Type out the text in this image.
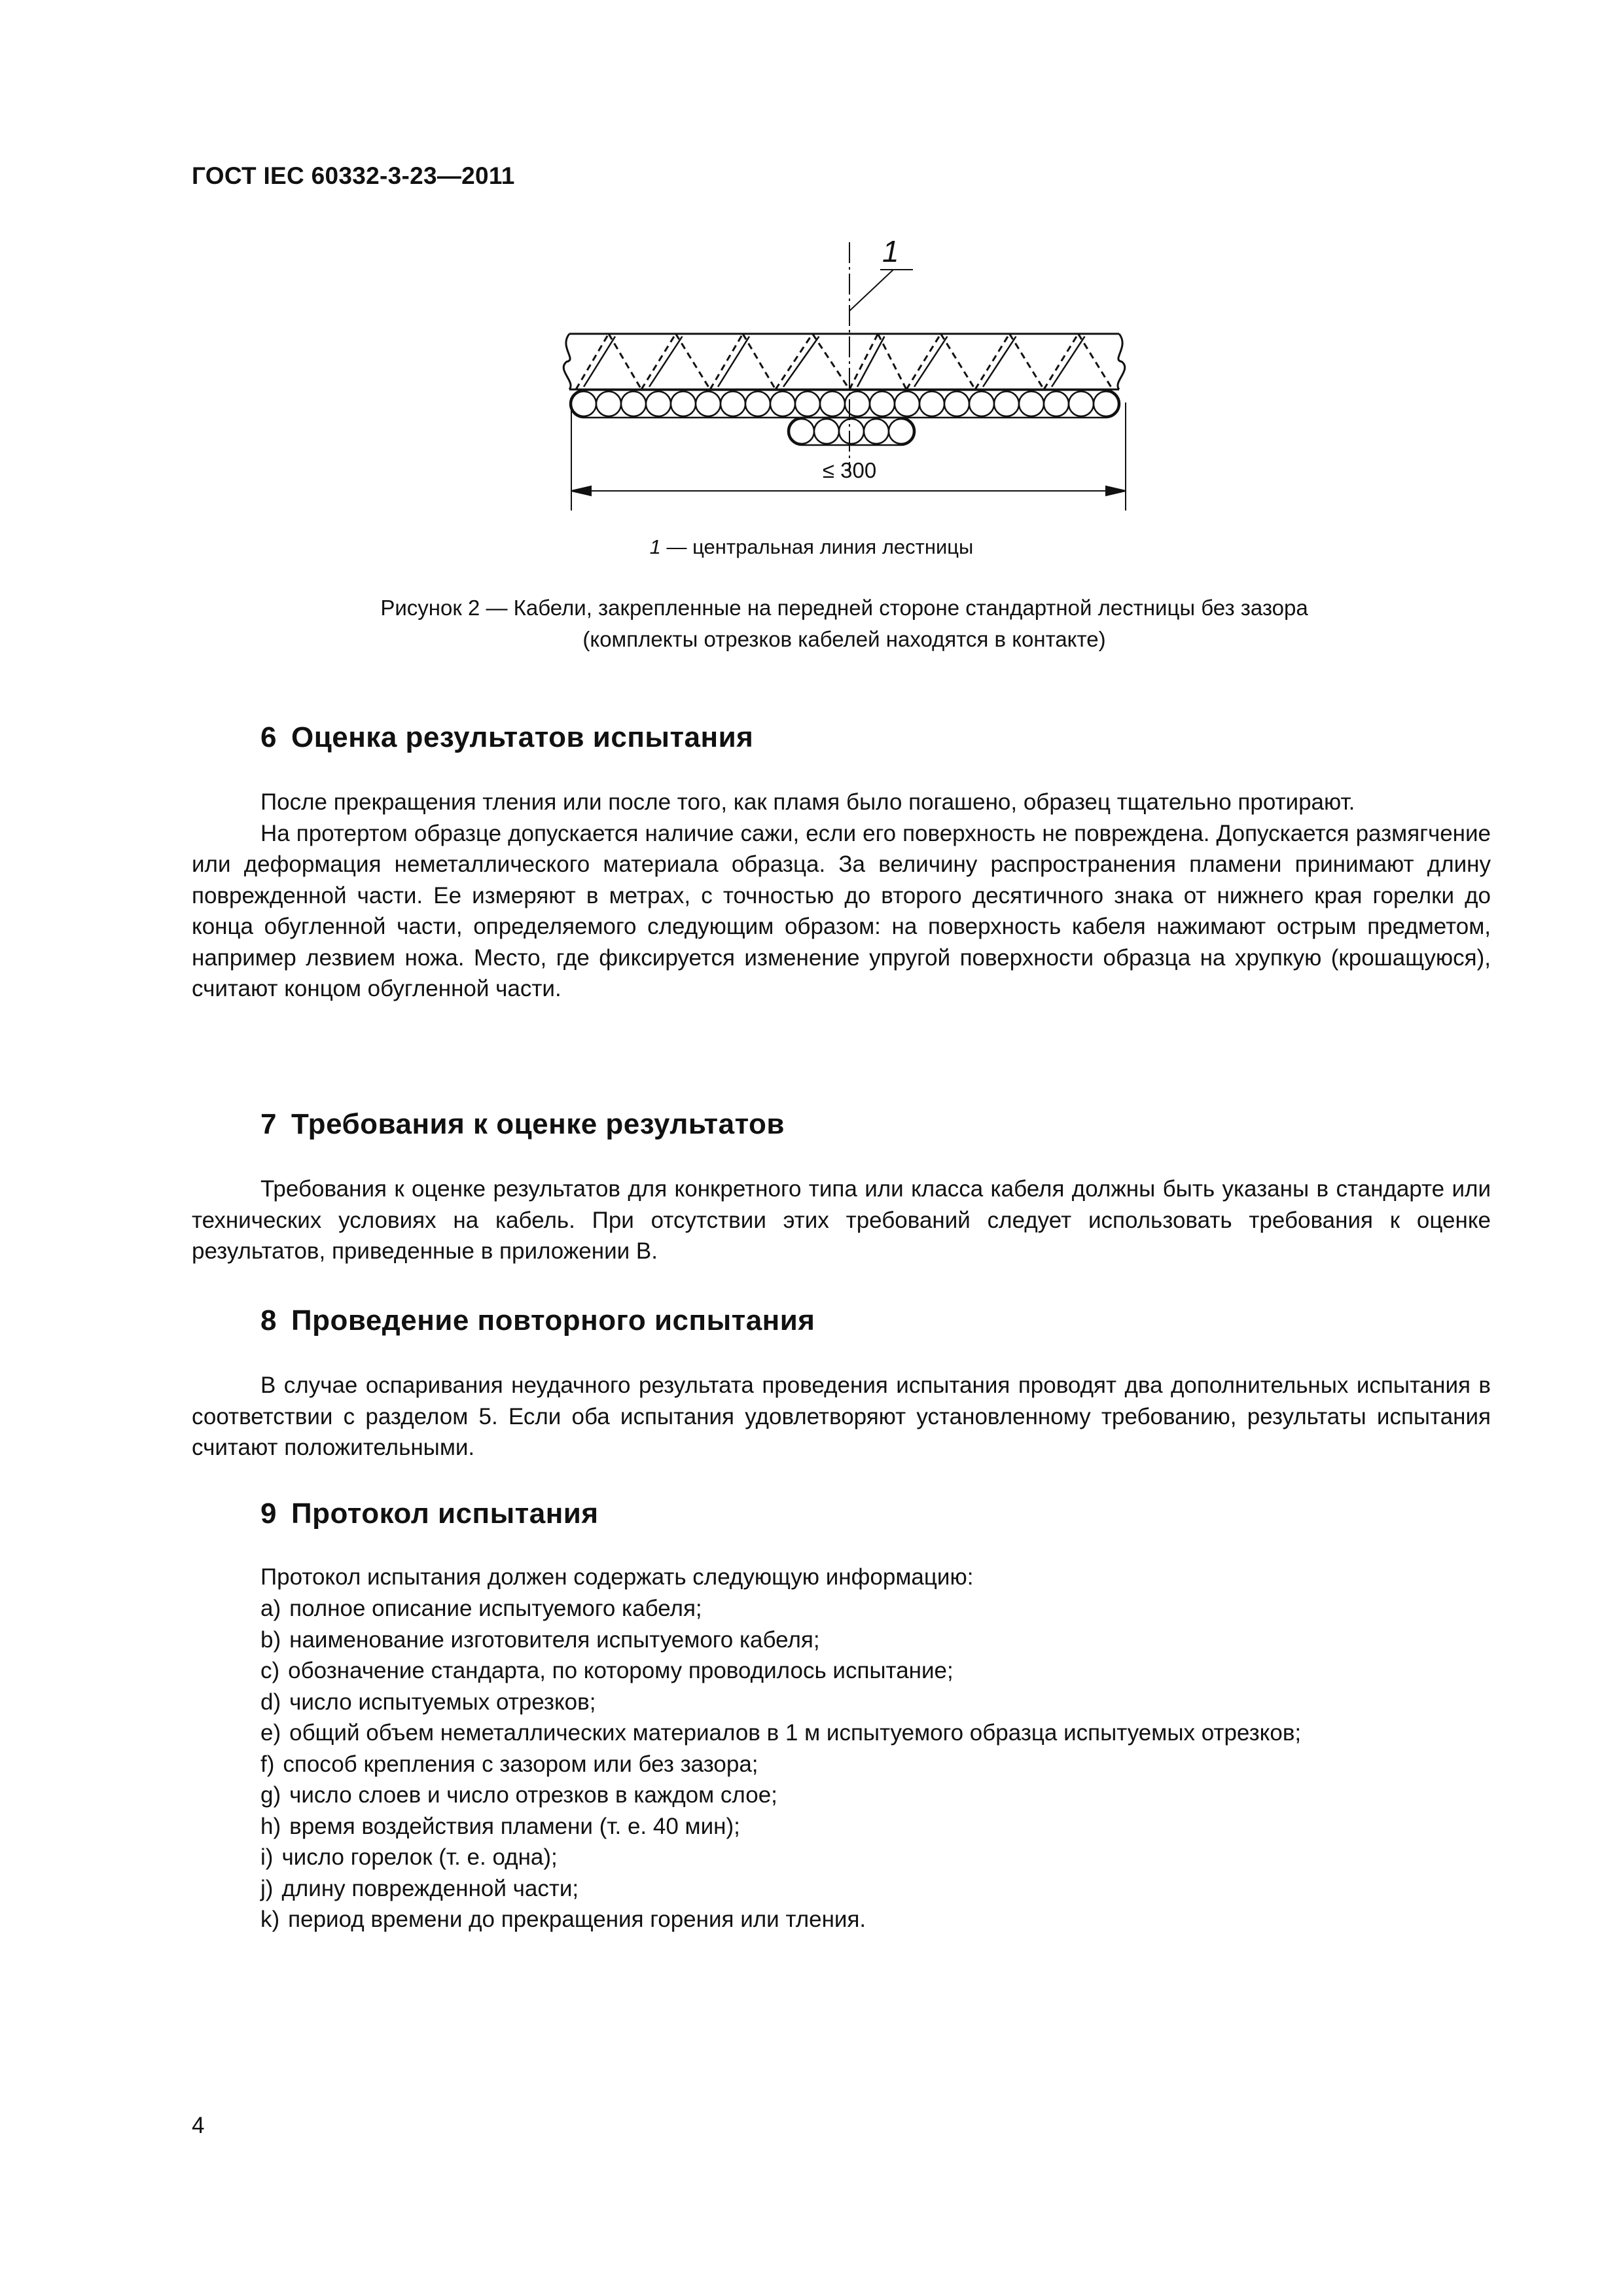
ГОСТ IEC 60332-3-23—2011
1
≤ 300
1 — центральная линия лестницы
Рисунок 2 — Кабели, закрепленные на передней стороне стандартной лестницы без зазора
(комплекты отрезков кабелей находятся в контакте)
6 Оценка результатов испытания

После прекращения тления или после того, как пламя было погашено, образец тщательно протирают.

На протертом образце допускается наличие сажи, если его поверхность не повреждена. Допускается размягчение или деформация неметаллического материала образца. За величину распространения пламени принимают длину поврежденной части. Ее измеряют в метрах, с точностью до второго десятичного знака от нижнего края горелки до конца обугленной части, определяемого следующим образом: на поверхность кабеля нажимают острым предметом, например лезвием ножа. Место, где фиксируется изменение упругой поверхности образца на хрупкую (крошащуюся), считают концом обугленной части.

7 Требования к оценке результатов

Требования к оценке результатов для конкретного типа или класса кабеля должны быть указаны в стандарте или технических условиях на кабель. При отсутствии этих требований следует использовать требования к оценке результатов, приведенные в приложении В.

8 Проведение повторного испытания

В случае оспаривания неудачного результата проведения испытания проводят два дополнительных испытания в соответствии с разделом 5. Если оба испытания удовлетворяют установленному требованию, результаты испытания считают положительными.

9 Протокол испытания

Протокол испытания должен содержать следующую информацию:

a) полное описание испытуемого кабеля;
b) наименование изготовителя испытуемого кабеля;
c) обозначение стандарта, по которому проводилось испытание;
d) число испытуемых отрезков;
e) общий объем неметаллических материалов в 1 м испытуемого образца испытуемых отрезков;
f) способ крепления с зазором или без зазора;
g) число слоев и число отрезков в каждом слое;
h) время воздействия пламени (т. е. 40 мин);
i) число горелок (т. е. одна);
j) длину поврежденной части;
k) период времени до прекращения горения или тления.
4
